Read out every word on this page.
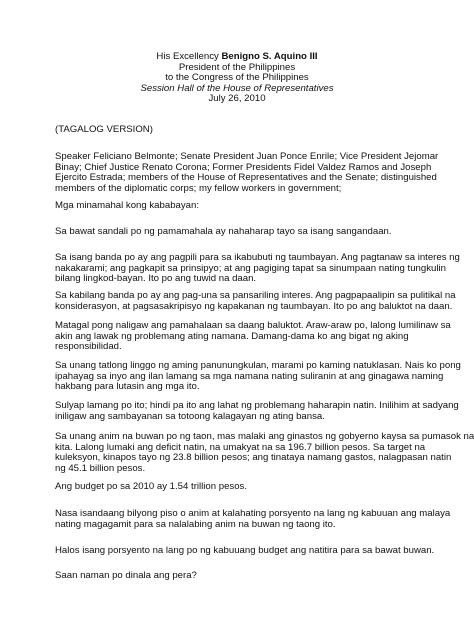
His Excellency Benigno S. Aquino III
President of the Philippines
to the Congress of the Philippines
Session Hall of the House of Representatives
July 26, 2010
(TAGALOG VERSION)
Speaker Feliciano Belmonte; Senate President Juan Ponce Enrile; Vice President Jejomar
Binay; Chief Justice Renato Corona; Former Presidents Fidel Valdez Ramos and Joseph
Ejercito Estrada; members of the House of Representatives and the Senate; distinguished
members of the diplomatic corps; my fellow workers in government;
Mga minamahal kong kababayan:
Sa bawat sandali po ng pamamahala ay nahaharap tayo sa isang sangandaan.
Sa isang banda po ay ang pagpili para sa ikabubuti ng taumbayan. Ang pagtanaw sa interes ng
nakakarami; ang pagkapit sa prinsipyo; at ang pagiging tapat sa sinumpaan nating tungkulin
bilang lingkod-bayan. Ito po ang tuwid na daan.
Sa kabilang banda po ay ang pag-una sa pansariling interes. Ang pagpapaalipin sa pulitikal na
konsiderasyon, at pagsasakripisyo ng kapakanan ng taumbayan. Ito po ang baluktot na daan.
Matagal pong naligaw ang pamahalaan sa daang baluktot. Araw-araw po, lalong lumilinaw sa
akin ang lawak ng problemang ating namana. Damang-dama ko ang bigat ng aking
responsibilidad.
Sa unang tatlong linggo ng aming panunungkulan, marami po kaming natuklasan. Nais ko pong
ipahayag sa inyo ang ilan lamang sa mga namana nating suliranin at ang ginagawa naming
hakbang para lutasin ang mga ito.
Sulyap lamang po ito; hindi pa ito ang lahat ng problemang haharapin natin. Inilihim at sadyang
iniligaw ang sambayanan sa totoong kalagayan ng ating bansa.
Sa unang anim na buwan po ng taon, mas malaki ang ginastos ng gobyerno kaysa sa pumasok na
kita. Lalong lumaki ang deficit natin, na umakyat na sa 196.7 billion pesos. Sa target na
kuleksyon, kinapos tayo ng 23.8 billion pesos; ang tinataya namang gastos, nalagpasan natin
ng 45.1 billion pesos.
Ang budget po sa 2010 ay 1.54 trillion pesos.
Nasa isandaang bilyong piso o anim at kalahating porsyento na lang ng kabuuan ang malaya
nating magagamit para sa nalalabing anim na buwan ng taong ito.
Halos isang porsyento na lang po ng kabuuang budget ang natitira para sa bawat buwan.
Saan naman po dinala ang pera?
